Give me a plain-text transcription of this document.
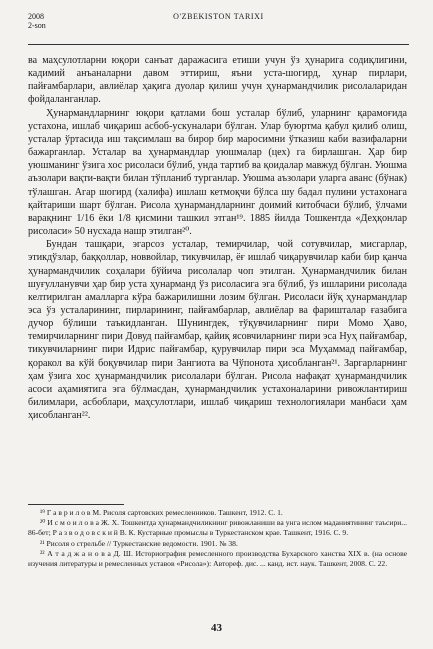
2008
2-son
O'ZBEKISTON TARIXI

ва маҳсулотларни юқори санъат даражасига етиши учун ўз ҳунарига содиқлигини, кадимий анъаналарни давом эттириш, яъни уста-шогирд, ҳунар пирлари, пайғамбарлари, авлиёлар ҳақига дуолар қилиш учун ҳунармандчилик рисолаларидан фойдаланганлар.

Ҳунармандларнинг юқори қатлами бош усталар бўлиб, уларнинг қарамоғида устахона, ишлаб чиқариш асбоб-ускуналари бўлган. Улар буюртма қабул қилиб олиш, усталар ўртасида иш тақсимлаш ва бирор бир маросимни ўтказиш каби вазифаларни бажарганлар. Усталар ва ҳунармандлар уюшмалар (цех) га бирлашган. Ҳар бир уюшманинг ўзига хос рисоласи бўлиб, унда тартиб ва қоидалар мавжуд бўлган. Уюшма аъзолари вақти-вақти билан тўпланиб турганлар. Уюшма аъзолари уларга аванс (бўнак) тўлашган. Агар шогирд (халифа) ишлаш кетмоқчи бўлса шу бадал пулини устахонага қайтариши шарт бўлган. Рисола ҳунармандларнинг доимий китобчаси бўлиб, ўлчами варақнинг 1/16 ёки 1/8 қисмини ташкил этган¹⁹. 1885 йилда Тошкентда «Деҳқонлар рисоласи» 50 нусхада нашр этилган²⁰.

Бундан ташқари, эгарсоз усталар, темирчилар, чой сотувчилар, мисгарлар, этикдўзлар, баққоллар, новвойлар, тикувчилар, ёғ ишлаб чиқарувчилар каби бир қанча ҳунармандчилик соҳалари бўйича рисолалар чоп этилган. Ҳунармандчилик билан шуғулланувчи ҳар бир уста ҳунарманд ўз рисоласига эга бўлиб, ўз ишларини рисолада келтирилган амалларга кўра бажарилишни лозим бўлган. Рисоласи йўқ ҳунармандлар эса ўз усталарининг, пирларининг, пайғамбарлар, авлиёлар ва фаришталар ғазабига дучор бўлиши таъкидланган. Шунингдек, тўқувчиларнинг пири Момо Ҳаво, темирчиларнинг пири Довуд пайғамбар, қайиқ ясовчиларнинг пири эса Нуҳ пайғамбар, тикувчиларнинг пири Идрис пайғамбар, қурувчилар пири эса Муҳаммад пайғамбар, қоракол ва кўй боқувчилар пири Зангиота ва Чўпонота ҳисобланган²¹. Заргарларнинг ҳам ўзига хос ҳунармандчилик рисолалари бўлган. Рисола нафақат ҳунармандчилик асоси аҳамиятига эга бўлмасдан, ҳунармандчилик устахоналарини ривожлантириш билимлари, асбоблари, маҳсулотлари, ишлаб чиқариш технологиялари манбаси ҳам ҳисобланган²².

¹⁹ Г а в р и л о в М. Рисоля сартовских ремесленников. Ташкент, 1912. С. 1.

²⁰ И с м о и л о в а Ж. Х. Тошкентда ҳунармандчиликнинг ривожланиши ва унга ислом маданиятининг таъсири... 86-бет; Р а з в о д о в с к и й В. К. Кустарные промыслы в Туркестанском крае. Ташкент, 1916. С. 9.

²¹ Рисоля о стрельбе // Туркестанские ведомости. 1901. № 38.

²² А т а д ж а н о в а Д. Ш. Историография ремесленного производства Бухарского ханства XIX в. (на основе изучения литературы и ремесленных уставов «Рисола»): Автореф. дис. ... канд. ист. наук. Ташкент, 2008. С. 22.

43
